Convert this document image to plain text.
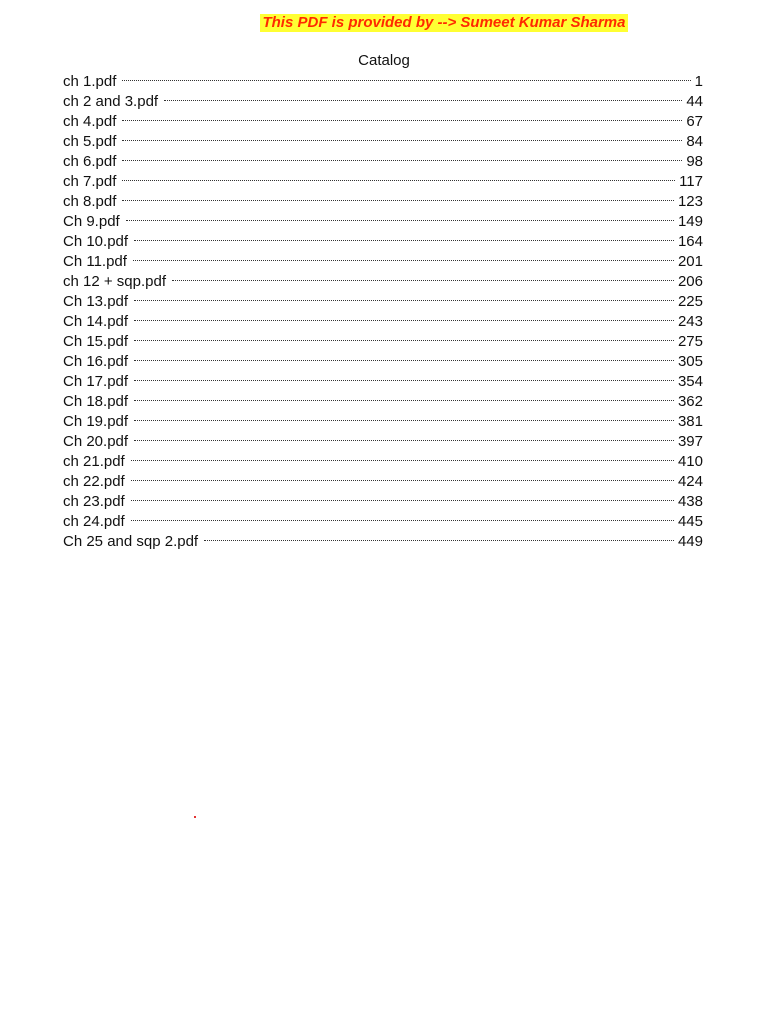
This PDF is provided by --> Sumeet Kumar Sharma
Catalog
ch 1.pdf	1
ch 2 and 3.pdf	44
ch 4.pdf	67
ch 5.pdf	84
ch 6.pdf	98
ch 7.pdf	117
ch 8.pdf	123
Ch 9.pdf	149
Ch 10.pdf	164
Ch 11.pdf	201
ch 12 + sqp.pdf	206
Ch 13.pdf	225
Ch 14.pdf	243
Ch 15.pdf	275
Ch 16.pdf	305
Ch 17.pdf	354
Ch 18.pdf	362
Ch 19.pdf	381
Ch 20.pdf	397
ch 21.pdf	410
ch 22.pdf	424
ch 23.pdf	438
ch 24.pdf	445
Ch 25 and sqp 2.pdf	449
